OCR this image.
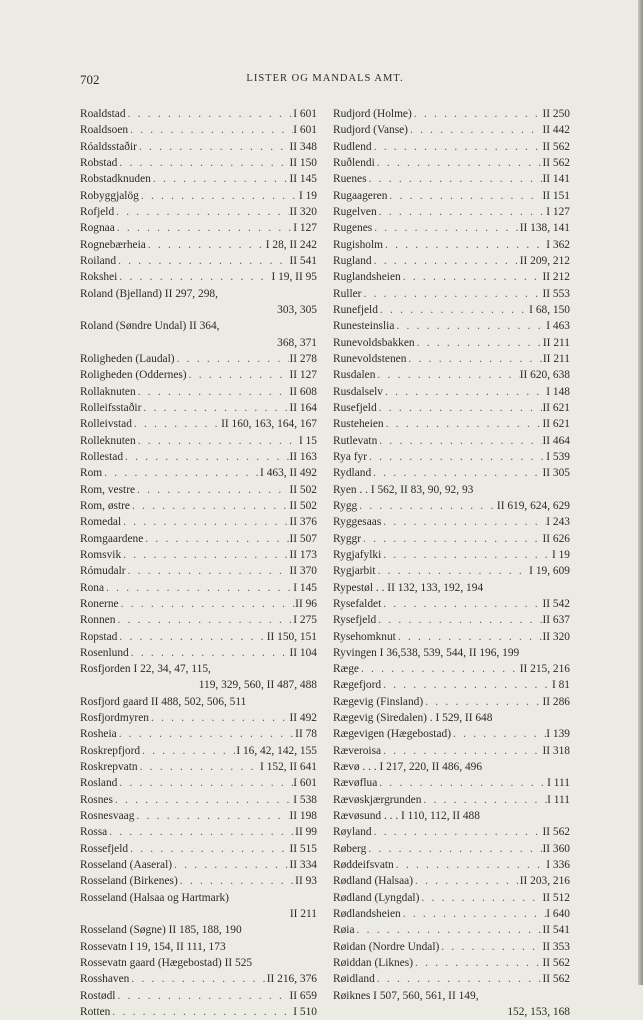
702	LISTER OG MANDALS AMT.
Roaldstad . . .	I 601
Roaldsoen . . .	I 601
Róaldsstaðir . . .	II 348
Robstad . . .	II 150
Robstadknuden . . .	II 145
Robyggjalög . . .	I 19
Rofjeld . . .	II 320
Rognaa . . .	I 127
Rognebærheia . . .	I 28, II 242
Roiland . . .	II 541
Rokshei . . .	I 19, II 95
Roland (Bjelland) II 297, 298,
303, 305
Roland (Søndre Undal) II 364,
368, 371
Roligheden (Laudal) . . .	II 278
Roligheden (Oddernes) . . .	II 127
Rollaknuten . . .	II 608
Rolleifsstaðir . . .	II 164
Rolleivstad . . .	II 160, 163, 164, 167
Rolleknuten . . .	I 15
Rollestad . . .	II 163
Rom . . .	I 463, II 492
Rom, vestre . . .	II 502
Rom, østre . . .	II 502
Romedal . . .	II 376
Romgaardene . . .	II 507
Romsvik . . .	II 173
Rómudalr . . .	II 370
Rona . . .	I 145
Ronerne . . .	II 96
Ronnen . . .	I 275
Ropstad . . .	II 150, 151
Rosenlund . . .	II 104
Rosfjorden I 22, 34, 47, 115,
119, 329, 560, II 487, 488
Rosfjord gaard II 488, 502, 506, 511
Rosfjordmyren . . .	II 492
Rosheia . . .	II 78
Roskrepfjord . . .	I 16, 42, 142, 155
Roskrepvatn . . .	I 152, II 641
Rosland . . .	I 601
Rosnes . . .	I 538
Rosnesvaag . . .	II 198
Rossa . . .	II 99
Rossefjeld . . .	II 515
Rosseland (Aaseral) . . .	II 334
Rosseland (Birkenes) . . .	II 93
Rosseland (Halsaa og Hartmark)
II 211
Rosseland (Søgne) II 185, 188, 190
Rossevatn I 19, 154, II 111, 173
Rossevatn gaard (Hægebostad) II 525
Rosshaven . . .	II 216, 376
Rostødl . . .	II 659
Rotten . . .	I 510
Rudjord (Holme) . . .	II 250
Rudjord (Vanse) . . .	II 442
Rudlend . . .	II 562
Ruðlendi . . .	II 562
Ruenes . . .	II 141
Rugaageren . . .	II 151
Rugelven . . .	I 127
Rugenes . . .	II 138, 141
Rugisholm . . .	I 362
Rugland . . .	II 209, 212
Ruglandsheien . . .	II 212
Ruller . . .	II 553
Runefjeld . . .	I 68, 150
Runesteinslia . . .	I 463
Runevoldsbakken . . .	II 211
Runevoldstenen . . .	II 211
Rusdalen . . .	II 620, 638
Rusdalselv . . .	I 148
Rusefjeld . . .	II 621
Rusteheien . . .	II 621
Rutlevatn . . .	II 464
Rya fyr . . .	I 539
Rydland . . .	II 305
Ryen . . I 562, II 83, 90, 92, 93
Rygg . . .	II 619, 624, 629
Ryggesaas . . .	I 243
Ryggr . . .	II 626
Rygjafylki . . .	I 19
Rygjarbit . . .	I 19, 609
Rypestøl . . II 132, 133, 192, 194
Rysefaldet . . .	II 542
Rysefjeld . . .	II 637
Rysehomknut . . .	II 320
Ryvingen I 36,538, 539, 544, II 196, 199
Ræge . . .	II 215, 216
Rægefjord . . .	I 81
Rægevig (Finsland) . . .	II 286
Rægevig (Siredalen) . I 529, II 648
Rægevigen (Hægebostad) . . .	I 139
Ræveroisa . . .	II 318
Rævø . . . I 217, 220, II 486, 496
Rævøflua . . .	I 111
Rævøskjærgrunden . . .	I 111
Rævøsund . . . I 110, 112, II 488
Røyland . . .	II 562
Røberg . . .	II 360
Røddeifsvatn . . .	I 336
Rødland (Halsaa) . . .	II 203, 216
Rødland (Lyngdal) . . .	II 512
Rødlandsheien . . .	I 640
Røia . . .	II 541
Røidan (Nordre Undal) . . .	II 353
Røiddan (Liknes) . . .	II 562
Røidland . . .	II 562
Røiknes I 507, 560, 561, II 149,
152, 153, 168
